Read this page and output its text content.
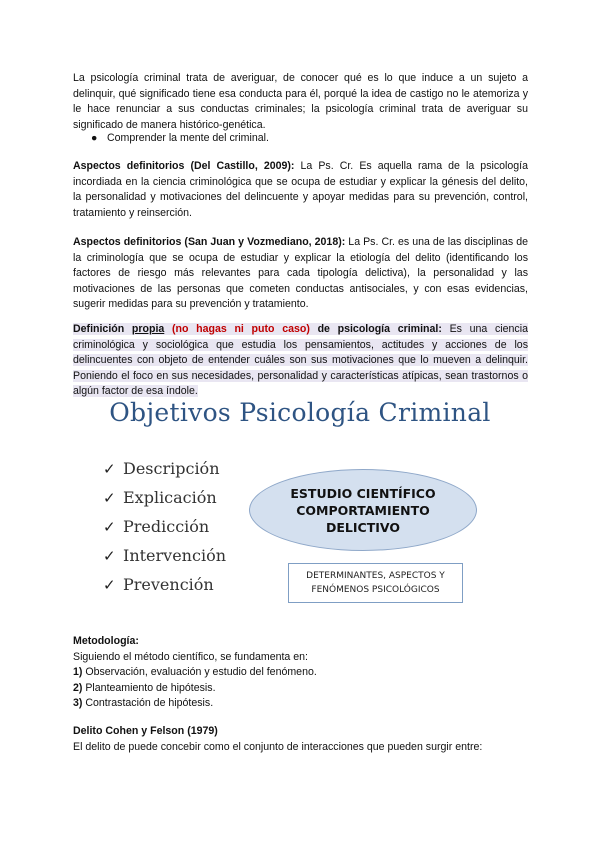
La psicología criminal trata de averiguar, de conocer qué es lo que induce a un sujeto a delinquir, qué significado tiene esa conducta para él, porqué la idea de castigo no le atemoriza y le hace renunciar a sus conductas criminales; la psicología criminal trata de averiguar su significado de manera histórico-genética.

● Comprender la mente del criminal.

Aspectos definitorios (Del Castillo, 2009): La Ps. Cr. Es aquella rama de la psicología incordiada en la ciencia criminológica que se ocupa de estudiar y explicar la génesis del delito, la personalidad y motivaciones del delincuente y apoyar medidas para su prevención, control, tratamiento y reinserción.

Aspectos definitorios (San Juan y Vozmediano, 2018): La Ps. Cr. es una de las disciplinas de la criminología que se ocupa de estudiar y explicar la etiología del delito (identificando los factores de riesgo más relevantes para cada tipología delictiva), la personalidad y las motivaciones de las personas que cometen conductas antisociales, y con esas evidencias, sugerir medidas para su prevención y tratamiento.

Definición propia (no hagas ni puto caso) de psicología criminal: Es una ciencia criminológica y sociológica que estudia los pensamientos, actitudes y acciones de los delincuentes con objeto de entender cuáles son sus motivaciones que lo mueven a delinquir. Poniendo el foco en sus necesidades, personalidad y características atípicas, sean trastornos o algún factor de esa índole.

Objetivos Psicología Criminal
✓ Descripción
✓ Explicación
✓ Predicción
✓ Intervención
✓ Prevención
ESTUDIO CIENTÍFICO
COMPORTAMIENTO
DELICTIVO
DETERMINANTES, ASPECTOS Y
FENÓMENOS PSICOLÓGICOS
Metodología:
Siguiendo el método científico, se fundamenta en:
1) Observación, evaluación y estudio del fenómeno.
2) Planteamiento de hipótesis.
3) Contrastación de hipótesis.
Delito Cohen y Felson (1979)
El delito de puede concebir como el conjunto de interacciones que pueden surgir entre:
